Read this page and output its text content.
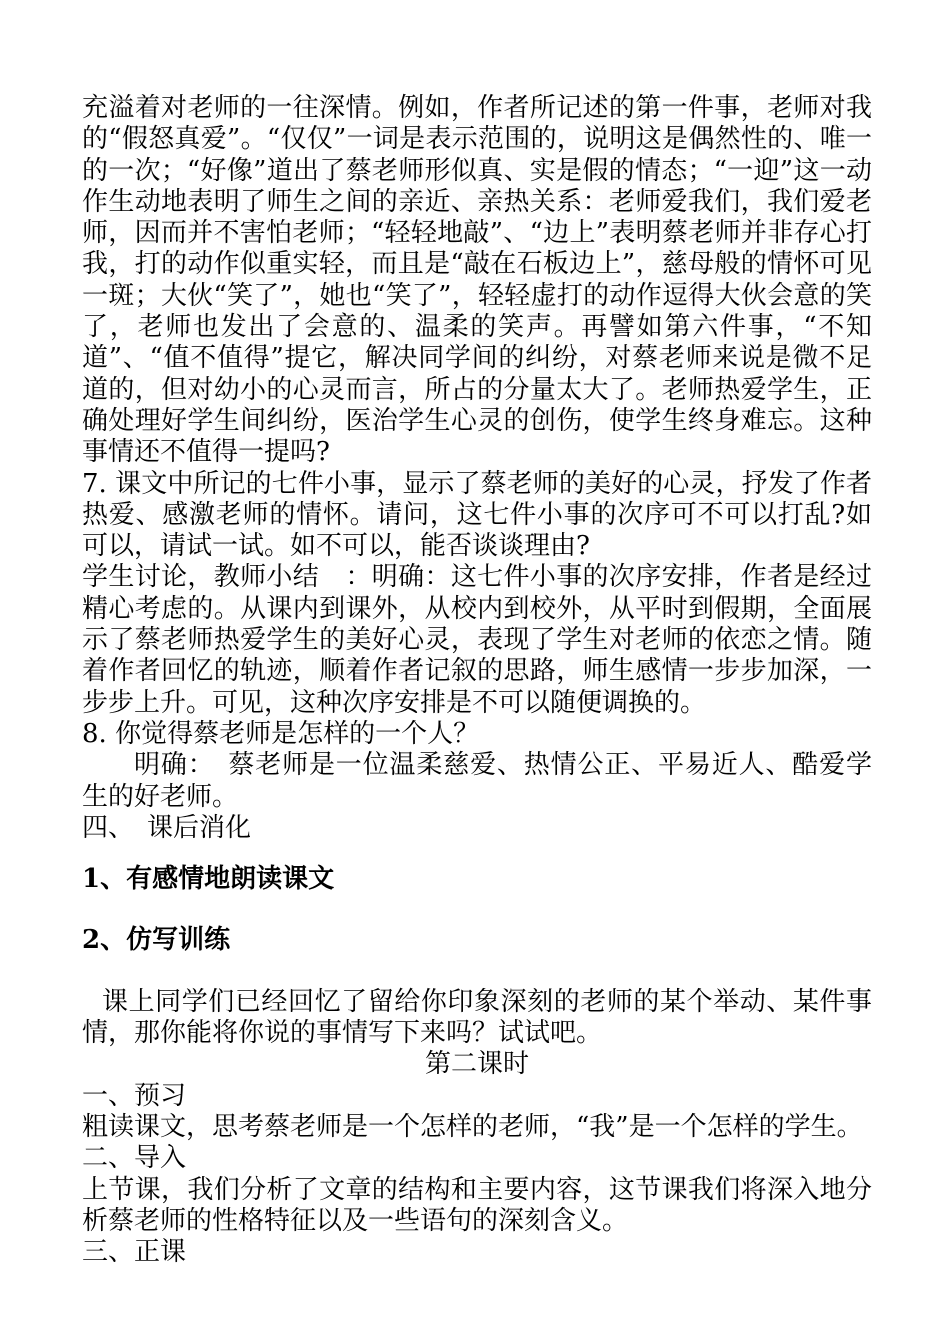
充溢着对老师的一往深情。例如，作者所记述的第一件事，老师对我的“假怒真爱”。“仅仅”一词是表示范围的，说明这是偶然性的、唯一的一次；“好像”道出了蔡老师形似真、实是假的情态；“一迎”这一动作生动地表明了师生之间的亲近、亲热关系：老师爱我们，我们爱老师，因而并不害怕老师；“轻轻地敲”、“边上”表明蔡老师并非存心打我，打的动作似重实轻，而且是“敲在石板边上”，慈母般的情怀可见一斑；大伙“笑了”，她也“笑了”，轻轻虚打的动作逗得大伙会意的笑了，老师也发出了会意的、温柔的笑声。再譬如第六件事，“不知道”、“值不值得”提它，解决同学间的纠纷，对蔡老师来说是微不足道的，但对幼小的心灵而言，所占的分量太大了。老师热爱学生，正确处理好学生间纠纷，医治学生心灵的创伤，使学生终身难忘。这种事情还不值得一提吗?

7. 课文中所记的七件小事，显示了蔡老师的美好的心灵，抒发了作者热爱、感激老师的情怀。请问，这七件小事的次序可不可以打乱?如可以，请试一试。如不可以，能否谈谈理由?

学生讨论，教师小结　：明确：这七件小事的次序安排，作者是经过精心考虑的。从课内到课外，从校内到校外，从平时到假期，全面展示了蔡老师热爱学生的美好心灵，表现了学生对老师的依恋之情。随着作者回忆的轨迹，顺着作者记叙的思路，师生感情一步步加深，一步步上升。可见，这种次序安排是不可以随便调换的。

8. 你觉得蔡老师是怎样的一个人？

明确：　蔡老师是一位温柔慈爱、热情公正、平易近人、酷爱学生的好老师。

四、　课后消化

1、有感情地朗读课文

2、仿写训练

课上同学们已经回忆了留给你印象深刻的老师的某个举动、某件事情，那你能将你说的事情写下来吗？试试吧。

第二课时

一、预习

粗读课文，思考蔡老师是一个怎样的老师，“我”是一个怎样的学生。

二、导入

上节课，我们分析了文章的结构和主要内容，这节课我们将深入地分析蔡老师的性格特征以及一些语句的深刻含义。

三、正课
